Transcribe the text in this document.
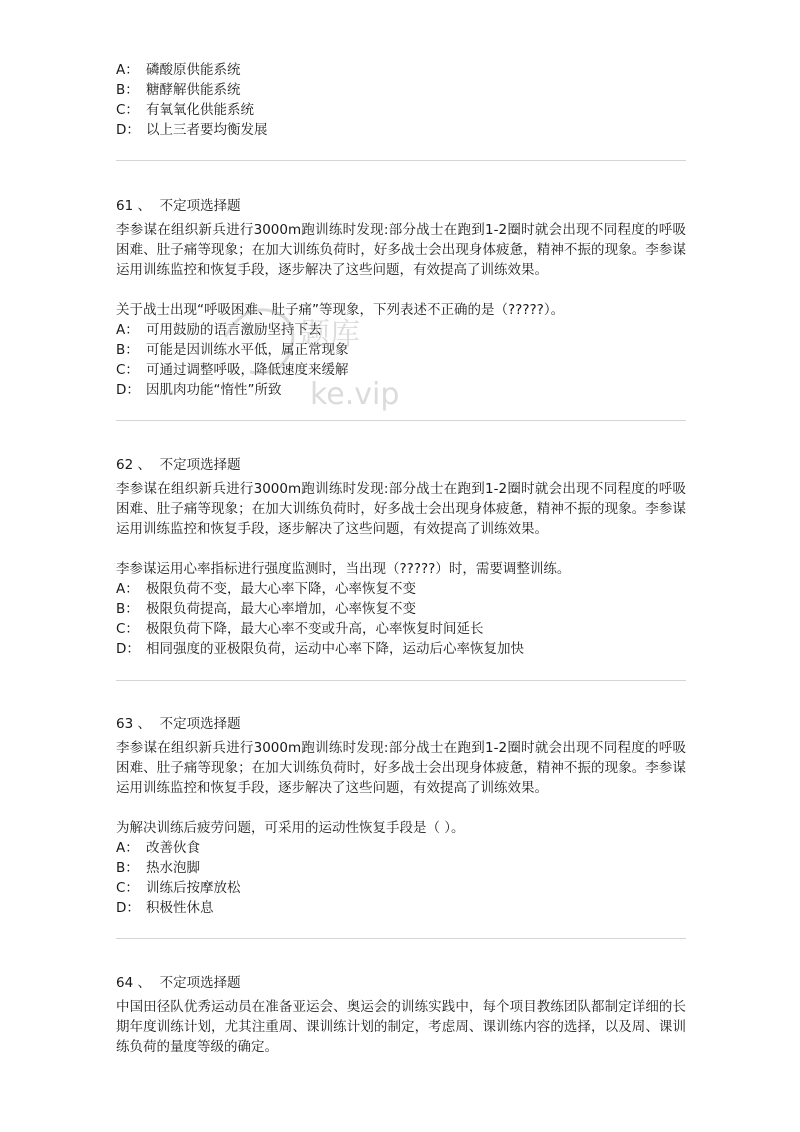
A： 磷酸原供能系统
B： 糖酵解供能系统
C： 有氧氧化供能系统
D： 以上三者要均衡发展
61 、 不定项选择题
李参谋在组织新兵进行3000m跑训练时发现:部分战士在跑到1-2圈时就会出现不同程度的呼吸困难、肚子痛等现象；在加大训练负荷时，好多战士会出现身体疲惫，精神不振的现象。李参谋运用训练监控和恢复手段，逐步解决了这些问题，有效提高了训练效果。
关于战士出现“呼吸困难、肚子痛”等现象，下列表述不正确的是（?????）。
A： 可用鼓励的语言激励坚持下去
B： 可能是因训练水平低，属正常现象
C： 可通过调整呼吸，降低速度来缓解
D： 因肌肉功能“惰性”所致
62 、 不定项选择题
李参谋在组织新兵进行3000m跑训练时发现:部分战士在跑到1-2圈时就会出现不同程度的呼吸困难、肚子痛等现象；在加大训练负荷时，好多战士会出现身体疲惫，精神不振的现象。李参谋运用训练监控和恢复手段，逐步解决了这些问题，有效提高了训练效果。
李参谋运用心率指标进行强度监测时，当出现（?????）时，需要调整训练。
A： 极限负荷不变，最大心率下降，心率恢复不变
B： 极限负荷提高，最大心率增加，心率恢复不变
C： 极限负荷下降，最大心率不变或升高，心率恢复时间延长
D： 相同强度的亚极限负荷，运动中心率下降，运动后心率恢复加快
63 、 不定项选择题
李参谋在组织新兵进行3000m跑训练时发现:部分战士在跑到1-2圈时就会出现不同程度的呼吸困难、肚子痛等现象；在加大训练负荷时，好多战士会出现身体疲惫，精神不振的现象。李参谋运用训练监控和恢复手段，逐步解决了这些问题，有效提高了训练效果。
为解决训练后疲劳问题，可采用的运动性恢复手段是（ ）。
A： 改善伙食
B： 热水泡脚
C： 训练后按摩放松
D： 积极性休息
64 、 不定项选择题
中国田径队优秀运动员在准备亚运会、奥运会的训练实践中，每个项目教练团队都制定详细的长期年度训练计划，尤其注重周、课训练计划的制定，考虑周、课训练内容的选择，以及周、课训练负荷的量度等级的确定。
题库
ke.vip
